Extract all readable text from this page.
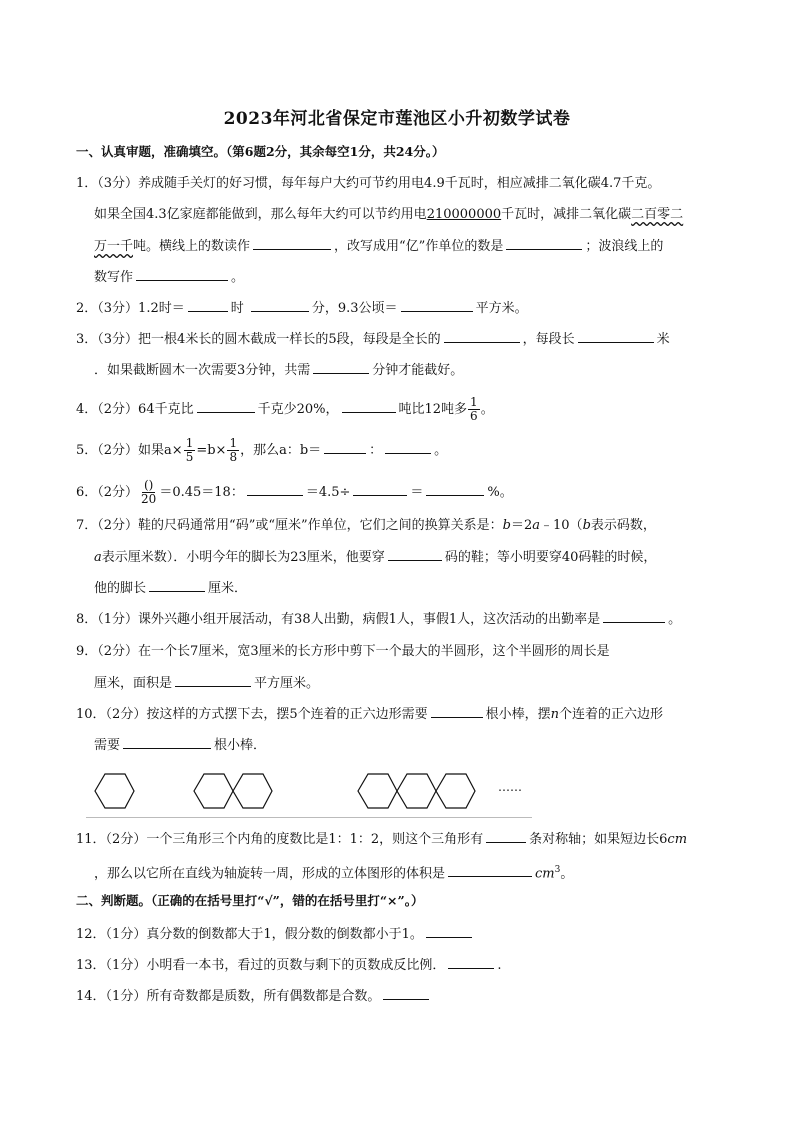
2023年河北省保定市莲池区小升初数学试卷
一、认真审题，准确填空。（第6题2分，其余每空1分，共24分。）
1．（3分）养成随手关灯的好习惯，每年每户大约可节约用电4.9千瓦时，相应减排二氧化碳4.7千克。
如果全国4.3亿家庭都能做到，那么每年大约可以节约用电210000000千瓦时，减排二氧化碳二百零二
万一千吨。横线上的数读作	，改写成用“亿”作单位的数是	；波浪线上的
数写作	。
2．（3分）1.2时＝	时	分，9.3公顷＝	平方米。
3．（3分）把一根4米长的圆木截成一样长的5段，每段是全长的	，每段长	米
．如果截断圆木一次需要3分钟，共需	分钟才能截好。
4．（2分）64千克比	千克少20%，	吨比12吨多 $\frac{1}{6}$ 。
5．（2分）如果$a\times \frac{1}{5} =b\times \frac{1}{8}$ ，那么a：b＝	：	。
6．（2分） $\frac{()}{20} =0.45=18$：	＝4.5÷	＝	%。
7．（2分）鞋的尺码通常用“码”或“厘米”作单位，它们之间的换算关系是：b＝2a﹣10（b表示码数，
a表示厘米数）．小明今年的脚长为23厘米，他要穿	码的鞋；等小明要穿40码鞋的时候，
他的脚长	厘米．
8．（1分）课外兴趣小组开展活动，有38人出勤，病假1人，事假1人，这次活动的出勤率是	。
9．（2分）在一个长7厘米，宽3厘米的长方形中剪下一个最大的半圆形，这个半圆形的周长是
厘米，面积是	平方厘米。
10．（2分）按这样的方式摆下去，摆5个连着的正六边形需要	根小棒，摆n个连着的正六边形
需要	根小棒．
……
11．（2分）一个三角形三个内角的度数比是1：1：2，则这个三角形有	条对称轴；如果短边长6cm
，那么以它所在直线为轴旋转一周，形成的立体图形的体积是	$cm^3$。
二、判断题。（正确的在括号里打“√”，错的在括号里打“×”。）
12．（1分）真分数的倒数都大于1，假分数的倒数都小于1。
13．（1分）小明看一本书，看过的页数与剩下的页数成反比例．	.
14．（1分）所有奇数都是质数，所有偶数都是合数。
